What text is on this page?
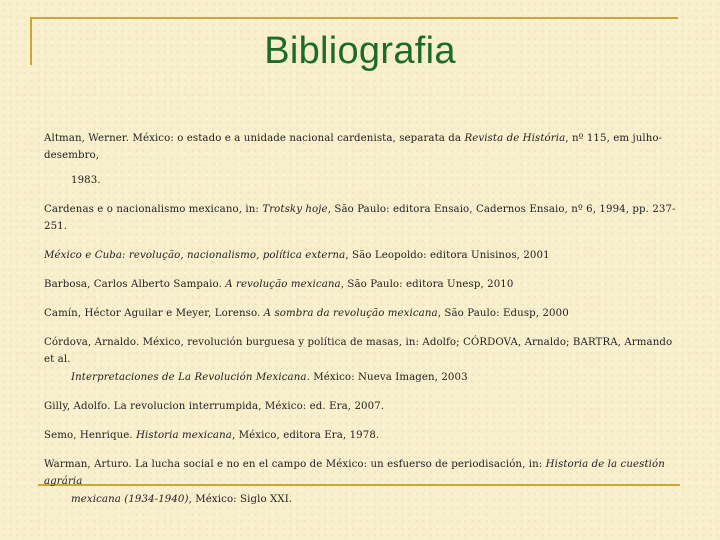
Bibliografia
Altman, Werner. México: o estado e a unidade nacional cardenista, separata da Revista de História, nº 115, em julho-desembro,
1983.
Cardenas e o nacionalismo mexicano, in: Trotsky hoje, São Paulo: editora Ensaio, Cadernos Ensaio, nº 6, 1994, pp. 237-251.
México e Cuba: revolução, nacionalismo, política externa, São Leopoldo: editora Unisinos, 2001
Barbosa, Carlos Alberto Sampaio. A revolução mexicana, São Paulo: editora Unesp, 2010
Camín, Héctor Aguilar e Meyer, Lorenso. A sombra da revolução mexicana, São Paulo: Edusp, 2000
Córdova, Arnaldo. México, revolución burguesa y política de masas, in: Adolfo; CÓRDOVA, Arnaldo; BARTRA, Armando et al.
Interpretaciones de La Revolución Mexicana. México: Nueva Imagen, 2003
Gilly, Adolfo. La revolucion interrumpida, México: ed. Era, 2007.
Semo, Henrique. Historia mexicana, México, editora Era, 1978.
Warman, Arturo. La lucha social e no en el campo de México: un esfuerso de periodisación, in: Historia de la cuestión agrária
mexicana (1934-1940), México: Siglo XXI.
